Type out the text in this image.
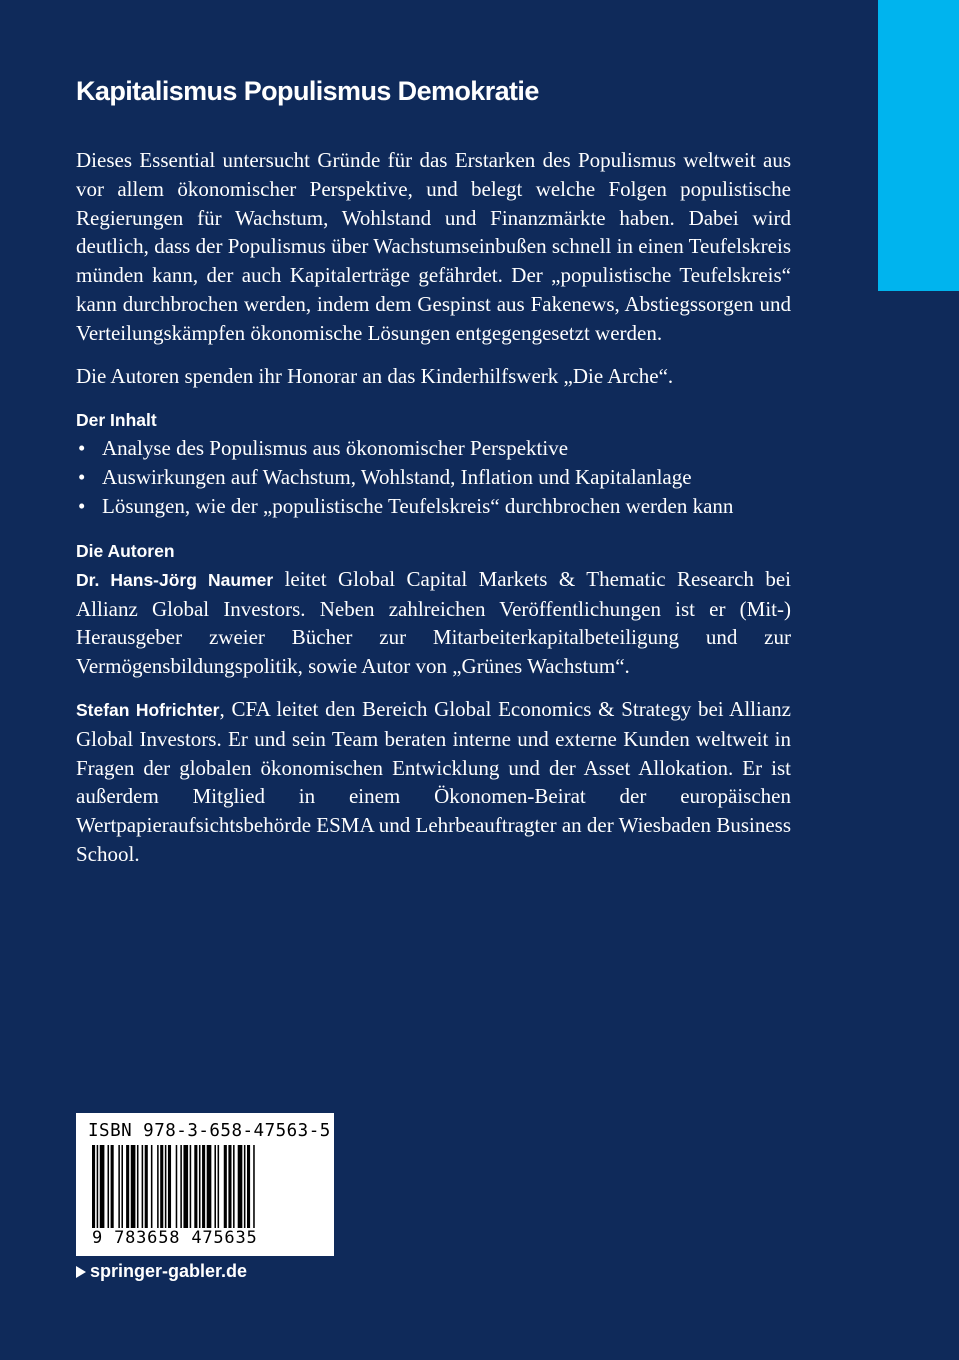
Kapitalismus Populismus Demokratie

Dieses Essential untersucht Gründe für das Erstarken des Populismus weltweit aus vor allem ökonomischer Perspektive, und belegt welche Folgen populistische Regierungen für Wachstum, Wohlstand und Finanzmärkte haben. Dabei wird deutlich, dass der Populismus über Wachstumseinbußen schnell in einen Teufelskreis münden kann, der auch Kapitalerträge gefährdet. Der „populistische Teufelskreis“ kann durchbrochen werden, indem dem Gespinst aus Fakenews, Abstiegssorgen und Verteilungskämpfen ökonomische Lösungen entgegengesetzt werden.

Die Autoren spenden ihr Honorar an das Kinderhilfswerk „Die Arche“.

Der Inhalt
• Analyse des Populismus aus ökonomischer Perspektive
• Auswirkungen auf Wachstum, Wohlstand, Inflation und Kapitalanlage
• Lösungen, wie der „populistische Teufelskreis“ durchbrochen werden kann
Die Autoren

Dr. Hans-Jörg Naumer leitet Global Capital Markets & Thematic Research bei Allianz Global Investors. Neben zahlreichen Veröffentlichungen ist er (Mit-) Herausgeber zweier Bücher zur Mitarbeiterkapitalbeteiligung und zur Vermögensbildungspolitik, sowie Autor von „Grünes Wachstum“.

Stefan Hofrichter, CFA leitet den Bereich Global Economics & Strategy bei Allianz Global Investors. Er und sein Team beraten interne und externe Kunden weltweit in Fragen der globalen ökonomischen Entwicklung und der Asset Allokation. Er ist außerdem Mitglied in einem Ökonomen-Beirat der europäischen Wertpapieraufsichtsbehörde ESMA und Lehrbeauftragter an der Wiesbaden Business School.

ISBN 978-3-658-47563-5
9 783658 475635
springer-gabler.de
